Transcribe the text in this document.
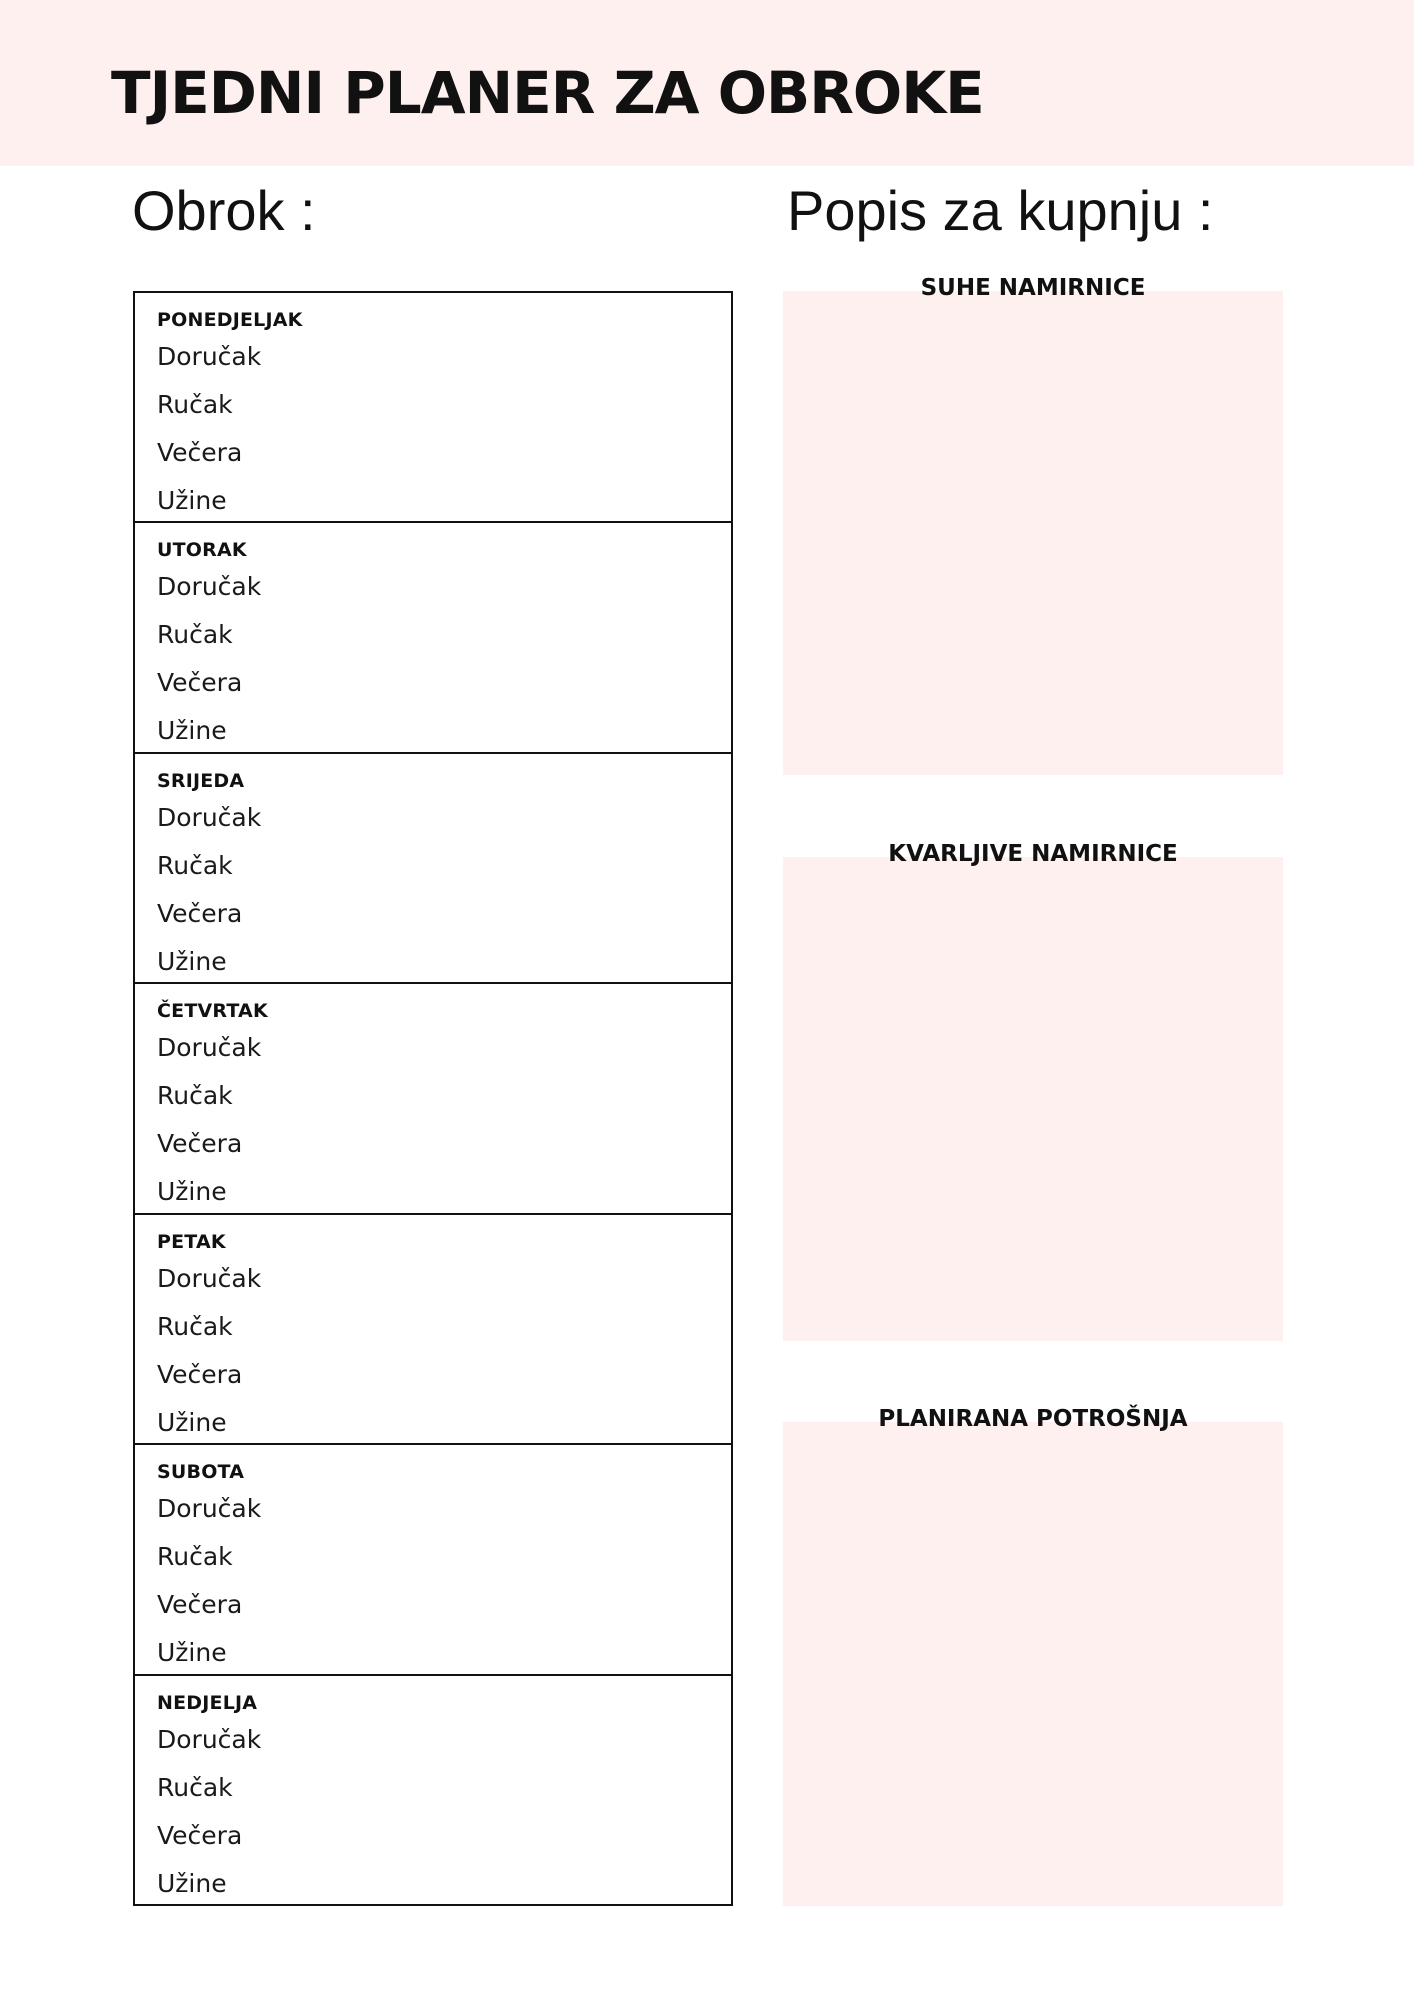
TJEDNI PLANER ZA OBROKE
Obrok :	Popis za kupnju :
PONEDJELJAK
Doručak
Ručak
Večera
Užine
UTORAK
Doručak
Ručak
Večera
Užine
SRIJEDA
Doručak
Ručak
Večera
Užine
ČETVRTAK
Doručak
Ručak
Večera
Užine
PETAK
Doručak
Ručak
Večera
Užine
SUBOTA
Doručak
Ručak
Večera
Užine
NEDJELJA
Doručak
Ručak
Večera
Užine
SUHE NAMIRNICE
KVARLJIVE NAMIRNICE
PLANIRANA POTROŠNJA
